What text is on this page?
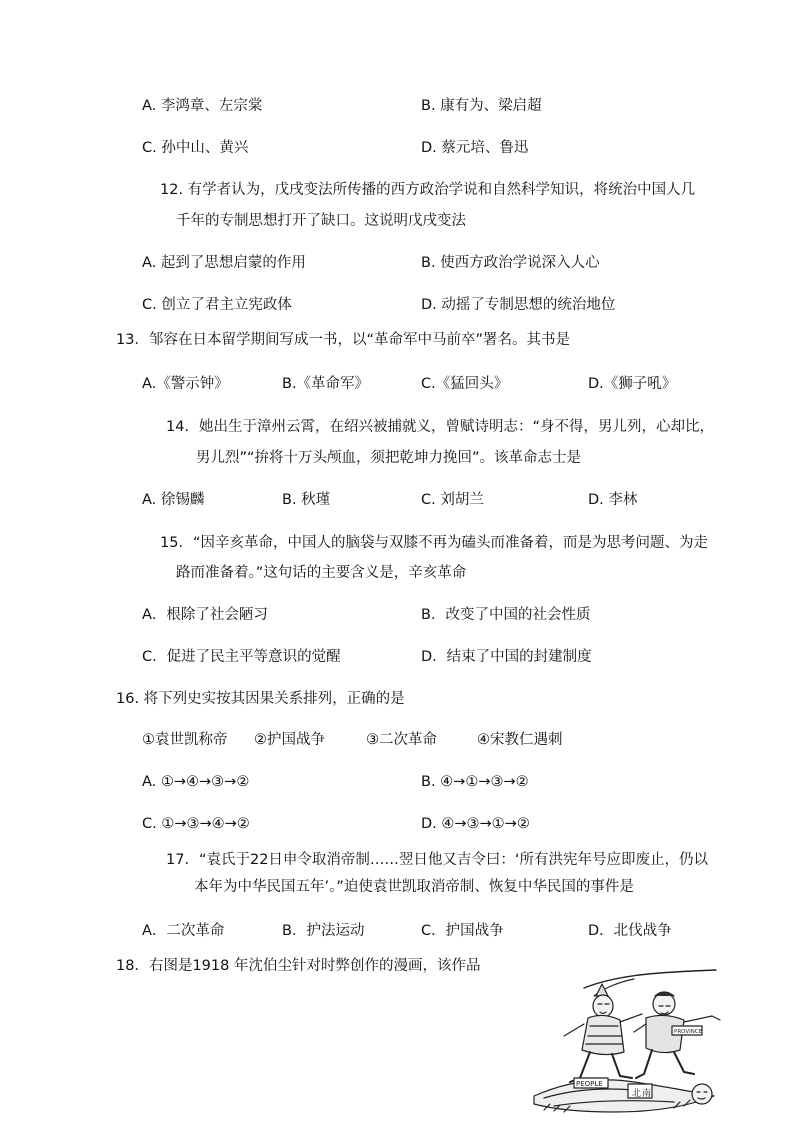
A. 李鸿章、左宗棠	B. 康有为、梁启超
C. 孙中山、黄兴	D. 蔡元培、鲁迅
12. 有学者认为，戊戌变法所传播的西方政治学说和自然科学知识，将统治中国人几
千年的专制思想打开了缺口。这说明戊戌变法
A. 起到了思想启蒙的作用	B. 使西方政治学说深入人心
C. 创立了君主立宪政体	D. 动摇了专制思想的统治地位
13．邹容在日本留学期间写成一书，以“革命军中马前卒”署名。其书是
A.《警示钟》	B.《革命军》	C.《猛回头》	D.《狮子吼》
14．她出生于漳州云霄，在绍兴被捕就义，曾赋诗明志：“身不得，男儿列，心却比，
男儿烈”“拚将十万头颅血，须把乾坤力挽回”。该革命志士是
A. 徐锡麟	B. 秋瑾	C. 刘胡兰	D. 李林
15．“因辛亥革命，中国人的脑袋与双膝不再为磕头而准备着，而是为思考问题、为走
路而准备着。”这句话的主要含义是，辛亥革命
A．根除了社会陋习	B．改变了中国的社会性质
C．促进了民主平等意识的觉醒	D．结束了中国的封建制度
16. 将下列史实按其因果关系排列，正确的是
①袁世凯称帝 ②护国战争	③二次革命	④宋教仁遇刺
A. ①→④→③→②	B. ④→①→③→②
C. ①→③→④→②	D. ④→③→①→②
17．“袁氏于22日申令取消帝制……翌日他又吉令曰：‘所有洪宪年号应即废止，仍以
本年为中华民国五年’。”迫使袁世凯取消帝制、恢复中华民国的事件是
A．二次革命	B．护法运动	C．护国战争	D．北伐战争
18．右图是1918 年沈伯尘针对时弊创作的漫画，该作品
PEOPLE
北 南
PROVINCE
